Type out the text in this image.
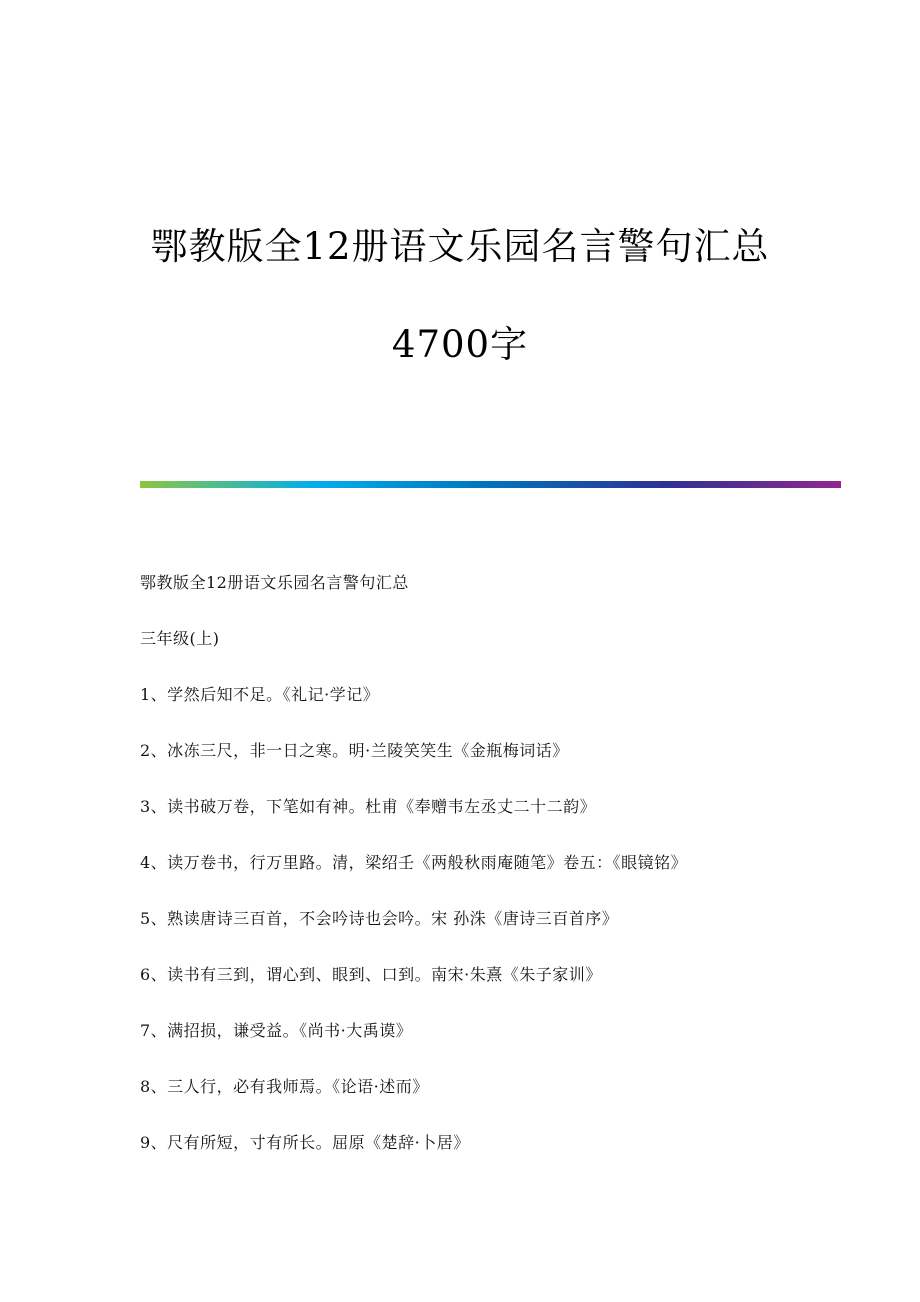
鄂教版全12册语文乐园名言警句汇总
4700字
鄂教版全12册语文乐园名言警句汇总
三年级(上)
1、学然后知不足。《礼记·学记》
2、冰冻三尺，非一日之寒。明·兰陵笑笑生《金瓶梅词话》
3、读书破万卷，下笔如有神。杜甫《奉赠韦左丞丈二十二韵》
4、读万卷书，行万里路。清，梁绍壬《两般秋雨庵随笔》卷五：《眼镜铭》
5、熟读唐诗三百首，不会吟诗也会吟。宋 孙洙《唐诗三百首序》
6、读书有三到，谓心到、眼到、口到。南宋·朱熹《朱子家训》
7、满招损，谦受益。《尚书·大禹谟》
8、三人行，必有我师焉。《论语·述而》
9、尺有所短，寸有所长。屈原《楚辞·卜居》
